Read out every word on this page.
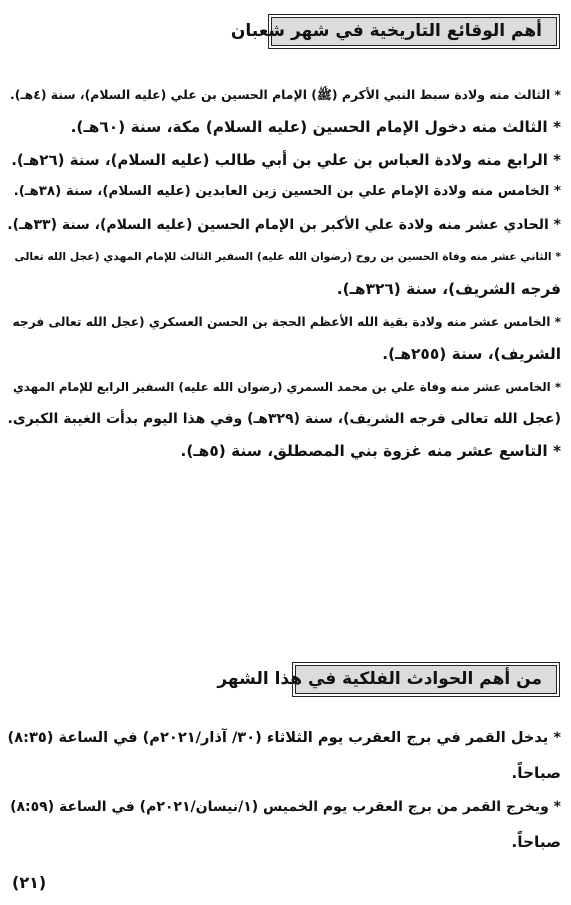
أهم الوقائع التاريخية في شهر شعبان
* الثالث منه ولادة سبط النبي الأكرم (ﷺ) الإمام الحسين بن علي (عليه السلام)، سنة (٤هـ).
* الثالث منه دخول الإمام الحسين (عليه السلام) مكة، سنة (٦٠هـ).
* الرابع منه ولادة العباس بن علي بن أبي طالب (عليه السلام)، سنة (٢٦هـ).
* الخامس منه ولادة الإمام علي بن الحسين زين العابدين (عليه السلام)، سنة (٣٨هـ).
* الحادي عشر منه ولادة علي الأكبر بن الإمام الحسين (عليه السلام)، سنة (٣٣هـ).
* الثاني عشر منه وفاة الحسين بن روح (رضوان الله عليه) السفير الثالث للإمام المهدي (عجل الله تعالى
فرجه الشريف)، سنة (٣٢٦هـ).
* الخامس عشر منه ولادة بقية الله الأعظم الحجة بن الحسن العسكري (عجل الله تعالى فرجه
الشريف)، سنة (٢٥٥هـ).
* الخامس عشر منه وفاة علي بن محمد السمري (رضوان الله عليه) السفير الرابع للإمام المهدي
(عجل الله تعالى فرجه الشريف)، سنة (٣٢٩هـ) وفي هذا اليوم بدأت الغيبة الكبرى.
* التاسع عشر منه غزوة بني المصطلق، سنة (٥هـ).
من أهم الحوادث الفلكية في هذا الشهر
* يدخل القمر في برج العقرب يوم الثلاثاء (٣٠/ آذار/٢٠٢١م) في الساعة (٨:٣٥)
صباحاً.
* ويخرج القمر من برج العقرب يوم الخميس (١/نيسان/٢٠٢١م) في الساعة (٨:٥٩)
صباحاً.
(٢١)
